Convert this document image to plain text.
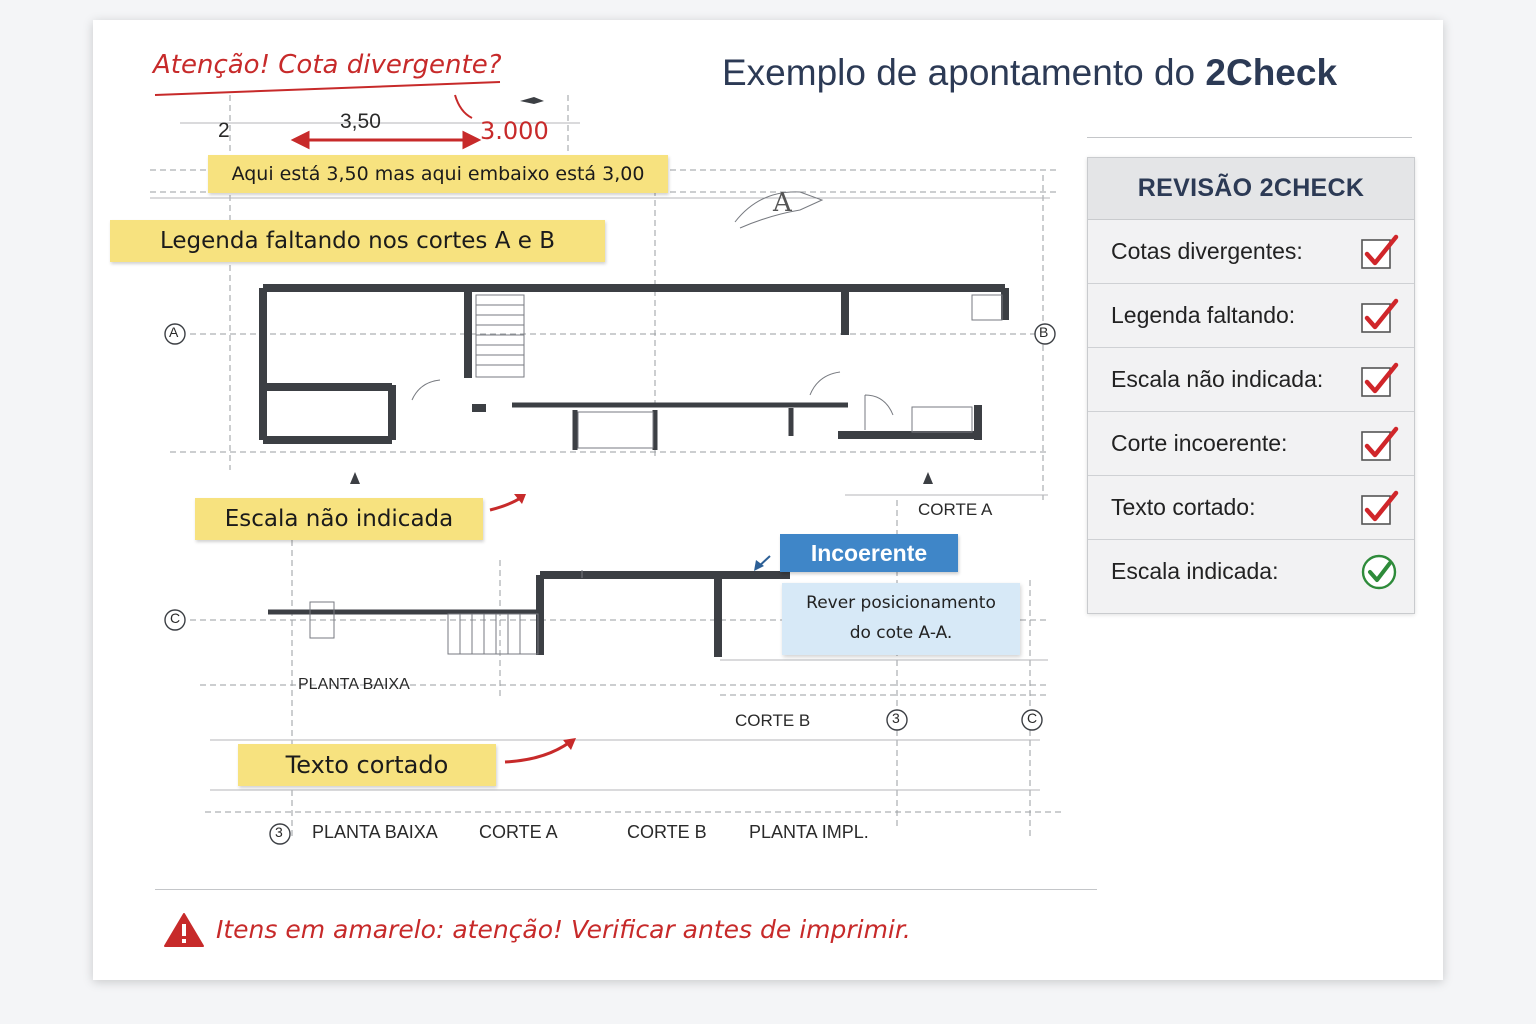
Exemplo de apontamento do 2Check
Atenção! Cota divergente?
2	3,50	3.000
Aqui está 3,50 mas aqui embaixo está 3,00
Legenda faltando nos cortes A e B
Escala não indicada
Texto cortado
Incoerente
Rever posicionamento
do cote A-A.
A
A	B
C
3	C
3
CORTE A
PLANTA BAIXA
CORTE B
PLANTA BAIXA CORTE A	CORTE B PLANTA IMPL.
REVISÃO 2CHECK
Cotas divergentes:
Legenda faltando:
Escala não indicada:
Corte incoerente:
Texto cortado:
Escala indicada:
Itens em amarelo: atenção! Verificar antes de imprimir.
